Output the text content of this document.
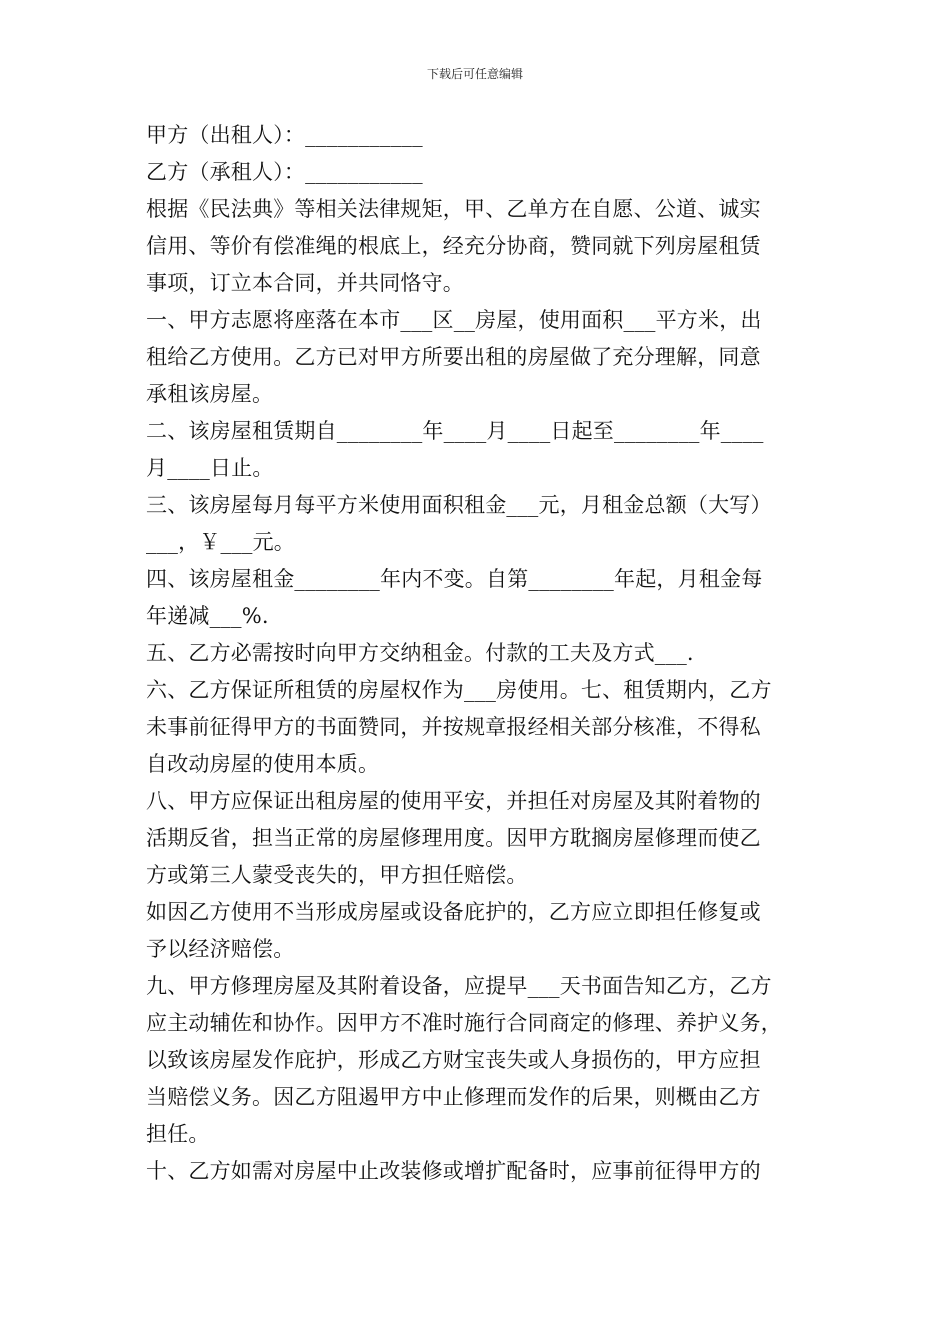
下载后可任意编辑
甲方（出租人）：___________
乙方（承租人）：___________
根据《民法典》等相关法律规矩，甲、乙单方在自愿、公道、诚实
信用、等价有偿准绳的根底上，经充分协商，赞同就下列房屋租赁
事项，订立本合同，并共同恪守。
一、甲方志愿将座落在本市___区__房屋，使用面积___平方米，出
租给乙方使用。乙方已对甲方所要出租的房屋做了充分理解，同意
承租该房屋。
二、该房屋租赁期自________年____月____日起至________年____
月____日止。
三、该房屋每月每平方米使用面积租金___元，月租金总额（大写）
___，￥___元。
四、该房屋租金________年内不变。自第________年起，月租金每
年递减___%.
五、乙方必需按时向甲方交纳租金。付款的工夫及方式___.
六、乙方保证所租赁的房屋权作为___房使用。七、租赁期内，乙方
未事前征得甲方的书面赞同，并按规章报经相关部分核准，不得私
自改动房屋的使用本质。
八、甲方应保证出租房屋的使用平安，并担任对房屋及其附着物的
活期反省，担当正常的房屋修理用度。因甲方耽搁房屋修理而使乙
方或第三人蒙受丧失的，甲方担任赔偿。
如因乙方使用不当形成房屋或设备庇护的，乙方应立即担任修复或
予以经济赔偿。
九、甲方修理房屋及其附着设备，应提早___天书面告知乙方，乙方
应主动辅佐和协作。因甲方不准时施行合同商定的修理、养护义务，
以致该房屋发作庇护，形成乙方财宝丧失或人身损伤的，甲方应担
当赔偿义务。因乙方阻遏甲方中止修理而发作的后果，则概由乙方
担任。
十、乙方如需对房屋中止改装修或增扩配备时，应事前征得甲方的
